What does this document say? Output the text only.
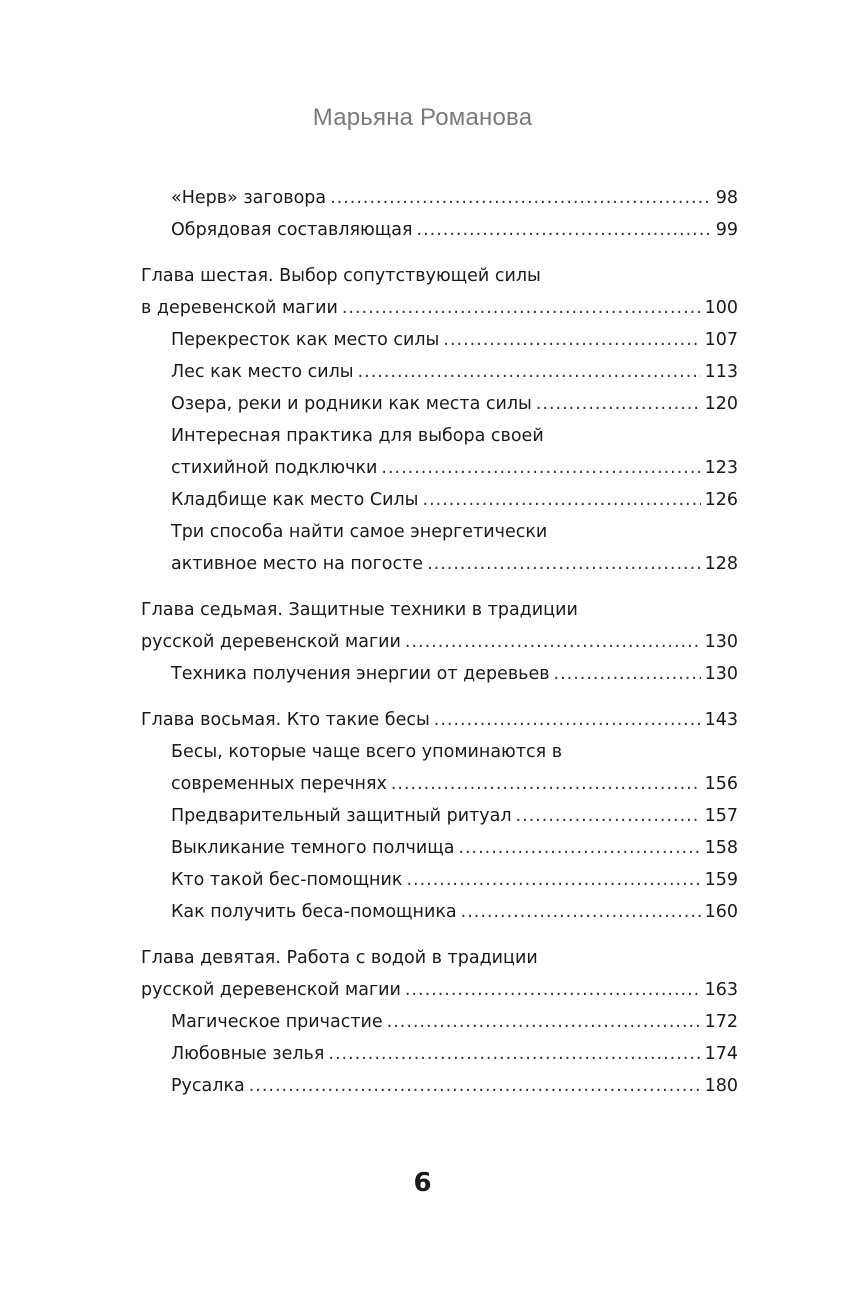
Марьяна Романова
«Нерв» заговора .....	98
Обрядовая составляющая .....	99
Глава шестая. Выбор сопутствующей силы
в деревенской магии .....	100
Перекресток как место силы .....	107
Лес как место силы .....	113
Озера, реки и родники как места силы .....	120
Интересная практика для выбора своей
стихийной подключки .....	123
Кладбище как место Силы .....	126
Три способа найти самое энергетически
активное место на погосте .....	128
Глава седьмая. Защитные техники в традиции
русской деревенской магии .....	130
Техника получения энергии от деревьев .....	130
Глава восьмая. Кто такие бесы .....	143
Бесы, которые чаще всего упоминаются в
современных перечнях .....	156
Предварительный защитный ритуал .....	157
Выкликание темного полчища .....	158
Кто такой бес-помощник .....	159
Как получить беса-помощника .....	160
Глава девятая. Работа с водой в традиции
русской деревенской магии .....	163
Магическое причастие .....	172
Любовные зелья .....	174
Русалка .....	180
6
